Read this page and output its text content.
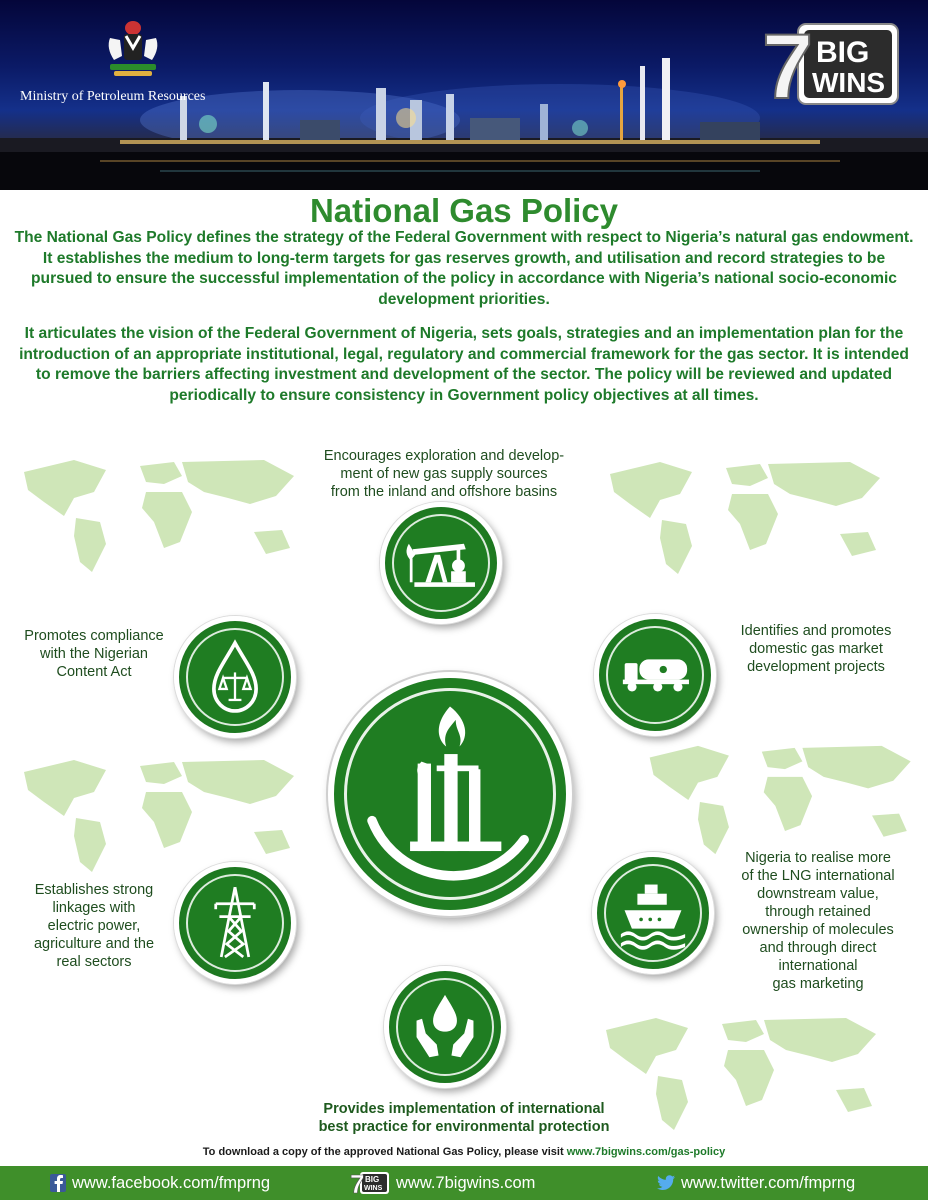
Ministry of Petroleum Resources	7 BIG
WINS
National Gas Policy

The National Gas Policy defines the strategy of the Federal Government with respect to Nigeria’s natural gas endowment. It establishes the medium to long-term targets for gas reserves growth, and utilisation and record strategies to be pursued to ensure the successful implementation of the policy in accordance with Nigeria’s national socio-economic development priorities.

It articulates the vision of the Federal Government of Nigeria, sets goals, strategies and an implementation plan for the introduction of an appropriate institutional, legal, regulatory and commercial framework for the gas sector. It is intended to remove the barriers affecting investment and development of the sector. The policy will be reviewed and updated periodically to ensure consistency in Government policy objectives at all times.

Encourages exploration and develop-
ment of new gas supply sources
from the inland and offshore basins
Promotes compliance
with the Nigerian
Content Act
Identifies and promotes
domestic gas market
development projects
Establishes strong
linkages with
electric power,
agriculture and the
real sectors
Nigeria to realise more
of the LNG international
downstream value,
through retained
ownership of molecules
and through direct
international
gas marketing
Provides implementation of international
best practice for environmental protection
To download a copy of the approved National Gas Policy, please visit www.7bigwins.com/gas-policy
www.facebook.com/fmprng	7 BIG
WINS www.7bigwins.com	www.twitter.com/fmprng
